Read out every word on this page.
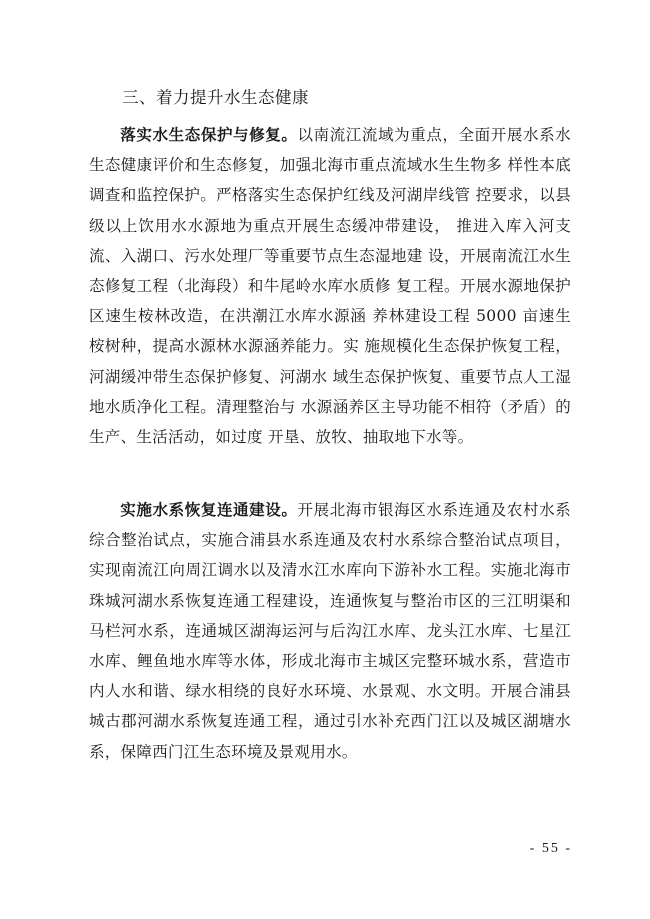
三、着力提升水生态健康
落实水生态保护与修复。以南流江流域为重点，全面开展水系水生态健康评价和生态修复，加强北海市重点流域水生生物多 样性本底调查和监控保护。严格落实生态保护红线及河湖岸线管 控要求，以县级以上饮用水水源地为重点开展生态缓冲带建设， 推进入库入河支流、入湖口、污水处理厂等重要节点生态湿地建 设，开展南流江水生态修复工程（北海段）和牛尾岭水库水质修 复工程。开展水源地保护区速生桉林改造，在洪潮江水库水源涵 养林建设工程 5000 亩速生桉树种，提高水源林水源涵养能力。实 施规模化生态保护恢复工程，河湖缓冲带生态保护修复、河湖水 域生态保护恢复、重要节点人工湿地水质净化工程。清理整治与 水源涵养区主导功能不相符（矛盾）的生产、生活活动，如过度 开垦、放牧、抽取地下水等。
实施水系恢复连通建设。开展北海市银海区水系连通及农村水系综合整治试点，实施合浦县水系连通及农村水系综合整治试点项目，实现南流江向周江调水以及清水江水库向下游补水工程。实施北海市珠城河湖水系恢复连通工程建设，连通恢复与整治市区的三江明渠和马栏河水系，连通城区湖海运河与后沟江水库、龙头江水库、七星江水库、鲤鱼地水库等水体，形成北海市主城区完整环城水系，营造市内人水和谐、绿水相绕的良好水环境、水景观、水文明。开展合浦县城古郡河湖水系恢复连通工程，通过引水补充西门江以及城区湖塘水系，保障西门江生态环境及景观用水。
- 55 -
